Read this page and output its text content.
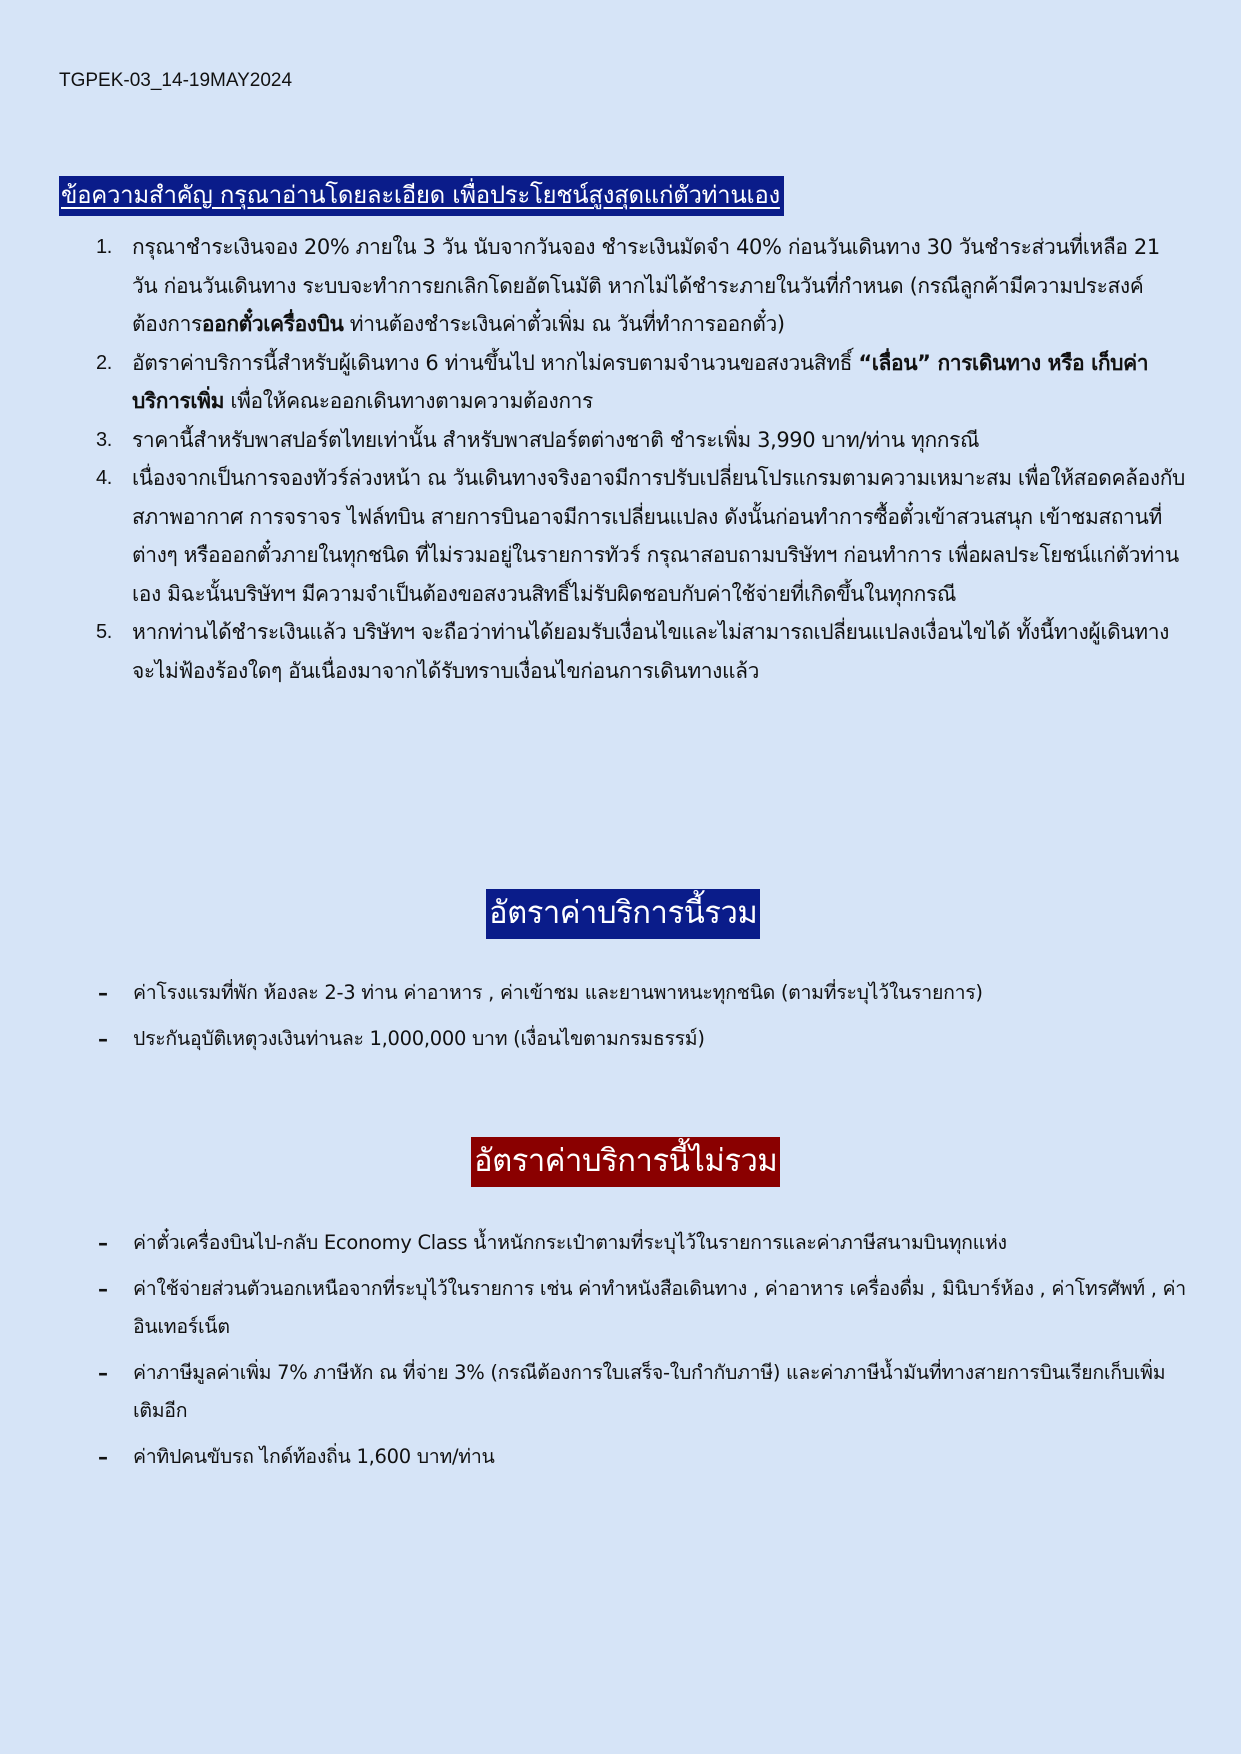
TGPEK-03_14-19MAY2024
ข้อความสำคัญ กรุณาอ่านโดยละเอียด เพื่อประโยชน์สูงสุดแก่ตัวท่านเอง
1. กรุณาชำระเงินจอง 20% ภายใน 3 วัน นับจากวันจอง ชำระเงินมัดจำ 40% ก่อนวันเดินทาง 30 วันชำระส่วนที่เหลือ 21 วัน ก่อนวันเดินทาง ระบบจะทำการยกเลิกโดยอัตโนมัติ หากไม่ได้ชำระภายในวันที่กำหนด (กรณีลูกค้ามีความประสงค์ต้องการออกตั๋วเครื่องบิน ท่านต้องชำระเงินค่าตั๋วเพิ่ม ณ วันที่ทำการออกตั๋ว)
2. อัตราค่าบริการนี้สำหรับผู้เดินทาง 6 ท่านขึ้นไป หากไม่ครบตามจำนวนขอสงวนสิทธิ์ “เลื่อน” การเดินทาง หรือ เก็บค่าบริการเพิ่ม เพื่อให้คณะออกเดินทางตามความต้องการ
3. ราคานี้สำหรับพาสปอร์ตไทยเท่านั้น สำหรับพาสปอร์ตต่างชาติ ชำระเพิ่ม 3,990 บาท/ท่าน ทุกกรณี
4. เนื่องจากเป็นการจองทัวร์ล่วงหน้า ณ วันเดินทางจริงอาจมีการปรับเปลี่ยนโปรแกรมตามความเหมาะสม เพื่อให้สอดคล้องกับสภาพอากาศ การจราจร ไฟล์ทบิน สายการบินอาจมีการเปลี่ยนแปลง ดังนั้นก่อนทำการซื้อตั๋วเข้าสวนสนุก เข้าชมสถานที่ต่างๆ หรือออกตั๋วภายในทุกชนิด ที่ไม่รวมอยู่ในรายการทัวร์ กรุณาสอบถามบริษัทฯ ก่อนทำการ เพื่อผลประโยชน์แก่ตัวท่านเอง มิฉะนั้นบริษัทฯ มีความจำเป็นต้องขอสงวนสิทธิ์ไม่รับผิดชอบกับค่าใช้จ่ายที่เกิดขึ้นในทุกกรณี
5. หากท่านได้ชำระเงินแล้ว บริษัทฯ จะถือว่าท่านได้ยอมรับเงื่อนไขและไม่สามารถเปลี่ยนแปลงเงื่อนไขได้ ทั้งนี้ทางผู้เดินทางจะไม่ฟ้องร้องใดๆ อันเนื่องมาจากได้รับทราบเงื่อนไขก่อนการเดินทางแล้ว
อัตราค่าบริการนี้รวม
– ค่าโรงแรมที่พัก ห้องละ 2-3 ท่าน ค่าอาหาร , ค่าเข้าชม และยานพาหนะทุกชนิด (ตามที่ระบุไว้ในรายการ)
– ประกันอุบัติเหตุวงเงินท่านละ 1,000,000 บาท (เงื่อนไขตามกรมธรรม์)
อัตราค่าบริการนี้ไม่รวม
– ค่าตั๋วเครื่องบินไป-กลับ Economy Class น้ำหนักกระเป๋าตามที่ระบุไว้ในรายการและค่าภาษีสนามบินทุกแห่ง
– ค่าใช้จ่ายส่วนตัวนอกเหนือจากที่ระบุไว้ในรายการ เช่น ค่าทำหนังสือเดินทาง , ค่าอาหาร เครื่องดื่ม , มินิบาร์ห้อง , ค่าโทรศัพท์ , ค่าอินเทอร์เน็ต
– ค่าภาษีมูลค่าเพิ่ม 7% ภาษีหัก ณ ที่จ่าย 3% (กรณีต้องการใบเสร็จ-ใบกำกับภาษี) และค่าภาษีน้ำมันที่ทางสายการบินเรียกเก็บเพิ่มเติมอีก
– ค่าทิปคนขับรถ ไกด์ท้องถิ่น 1,600 บาท/ท่าน
